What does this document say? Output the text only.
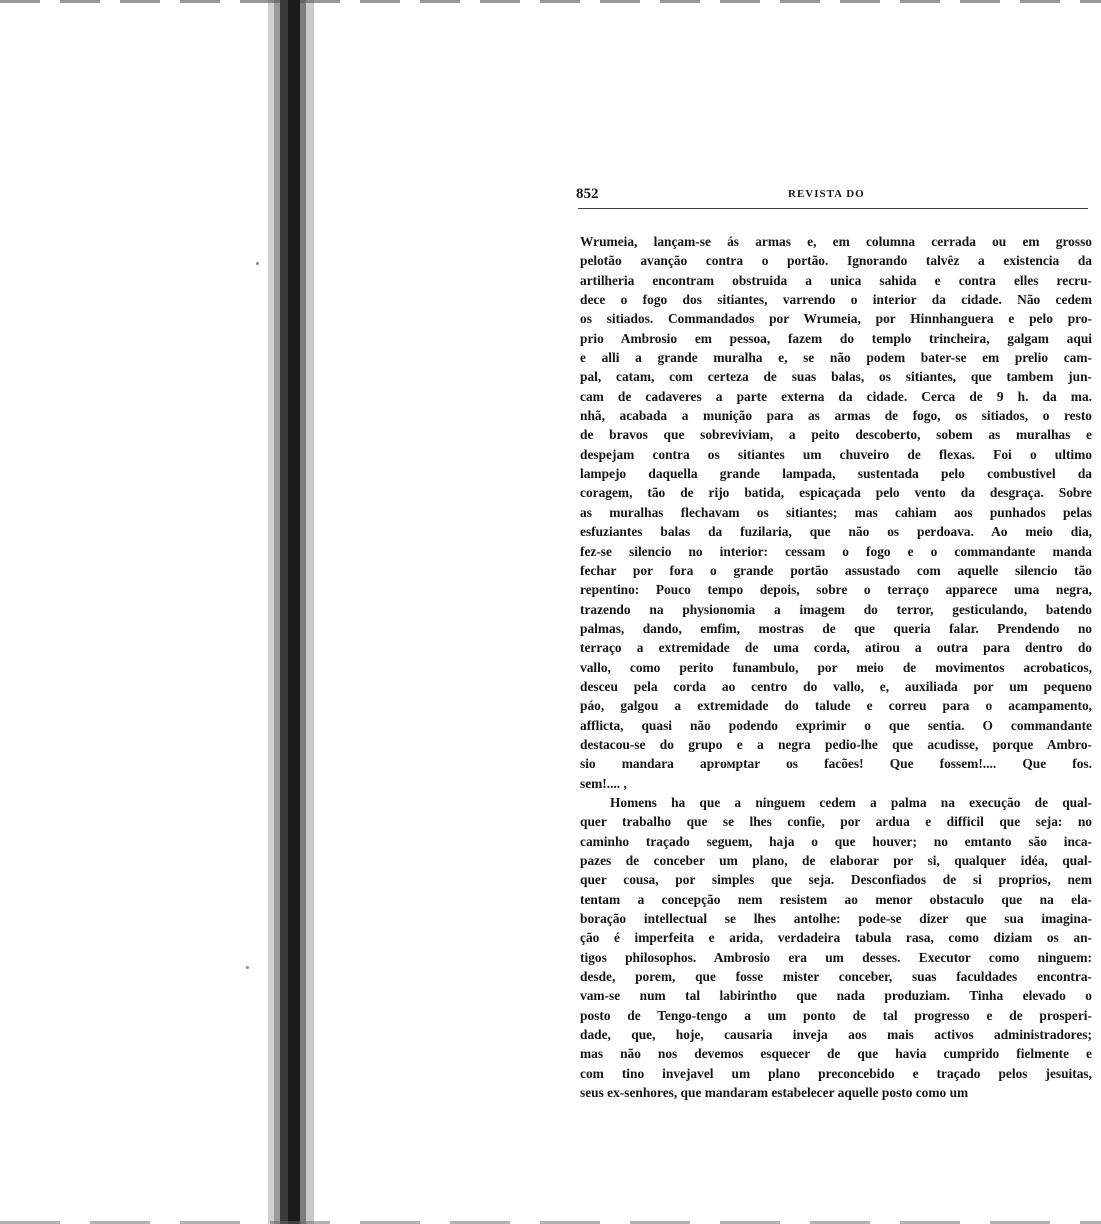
852	REVISTA DO
Wrumeia, lançam-se ás armas e, em columna cerrada ou em grosso
pelotão avanção contra o portão. Ignorando talvêz a existencia da
artilheria encontram obstruida a unica sahida e contra elles recru-
dece o fogo dos sitiantes, varrendo o interior da cidade. Não cedem
os sitiados. Commandados por Wrumeia, por Hinnhanguera e pelo pro-
prio Ambrosio em pessoa, fazem do templo trincheira, galgam aqui
e alli a grande muralha e, se não podem bater-se em prelio cam-
pal, catam, com certeza de suas balas, os sitiantes, que tambem jun-
cam de cadaveres a parte externa da cidade. Cerca de 9 h. da ma.
nhã, acabada a munição para as armas de fogo, os sitiados, o resto
de bravos que sobreviviam, a peito descoberto, sobem as muralhas e
despejam contra os sitiantes um chuveiro de flexas. Foi o ultimo
lampejo daquella grande lampada, sustentada pelo combustivel da
coragem, tão de rijo batida, espicaçada pelo vento da desgraça. Sobre
as muralhas flechavam os sitiantes; mas cahiam aos punhados pelas
esfuziantes balas da fuzilaria, que não os perdoava. Ao meio dia,
fez-se silencio no interior: cessam o fogo e o commandante manda
fechar por fora o grande portão assustado com aquelle silencio tão
repentino: Pouco tempo depois, sobre o terraço apparece uma negra,
trazendo na physionomia a imagem do terror, gesticulando, batendo
palmas, dando, emfim, mostras de que queria falar. Prendendo no
terraço a extremidade de uma corda, atirou a outra para dentro do
vallo, como perito funambulo, por meio de movimentos acrobaticos,
desceu pela corda ao centro do vallo, e, auxiliada por um pequeno
páo, galgou a extremidade do talude e correu para o acampamento,
afflicta, quasi não podendo exprimir o que sentia. O commandante
destacou-se do grupo e a negra pedio-lhe que acudisse, porque Ambro-
sio mandara aprомptar os facões! Que fossem!.... Que fos.
sem!.... ,
Homens ha que a ninguem cedem a palma na execução de qual-
quer trabalho que se lhes confie, por ardua e difficil que seja: no
caminho traçado seguem, haja o que houver; no emtanto são inca-
pazes de conceber um plano, de elaborar por si, qualquer idéa, qual-
quer cousa, por simples que seja. Desconfiados de si proprios, nem
tentam a concepção nem resistem ao menor obstaculo que na ela-
boração intellectual se lhes antolhe: pode-se dizer que sua imagina-
ção é imperfeita e arida, verdadeira tabula rasa, como diziam os an-
tigos philosophos. Ambrosio era um desses. Executor como ninguem:
desde, porem, que fosse mister conceber, suas faculdades encontra-
vam-se num tal labirintho que nada produziam. Tinha elevado o
posto de Tengo-tengo a um ponto de tal progresso e de prosperi-
dade, que, hoje, causaria inveja aos mais activos administradores;
mas não nos devemos esquecer de que havia cumprido fielmente e
com tino invejavel um plano preconcebido e traçado pelos jesuitas,
seus ex-senhores, que mandaram estabelecer aquelle posto como um
